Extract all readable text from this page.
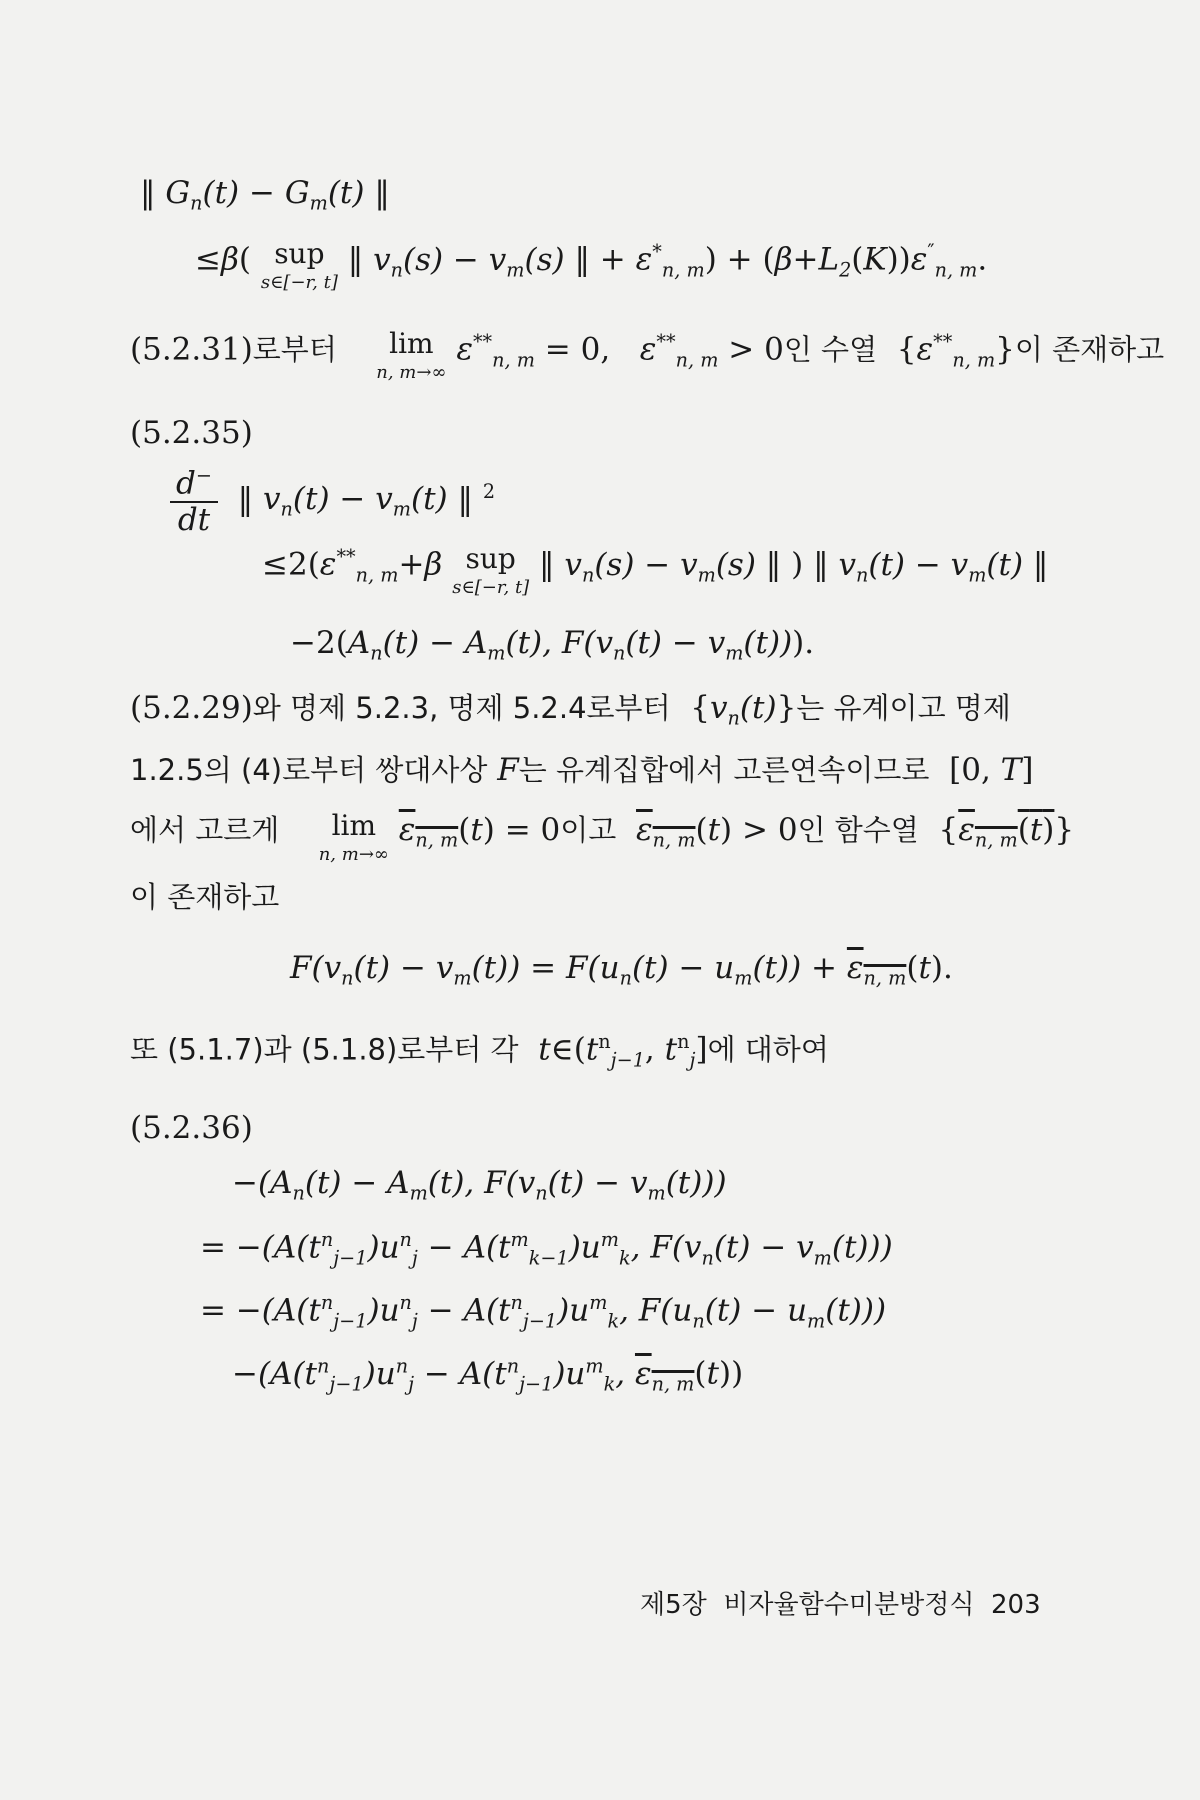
‖ $G_n(t) - G_m(t)$ ‖
≤β( sup
s∈[−r, t]
‖ $v_n(s) - v_m(s)$ ‖ + $\varepsilon^*_{n, m}) + (\beta+L_2(K))\varepsilon''_{n, m}$.
(5.2.31)로부터	lim
n, m→∞
$\varepsilon^{**}_{n, m} = 0$,   $\varepsilon^{**}_{n, m} > 0$인 수열  $\{\varepsilon^{**}_{n, m}\}$이 존재하고
(5.2.35)
$\frac{d^-}{dt}$ ‖ $v_n(t) - v_m(t)$ ‖ $^2$
$\le 2(\varepsilon^{**}_{n, m}+\beta$ sup
s∈[−r, t]
‖ $v_n(s) - v_m(s)$ ‖ ) ‖ $v_n(t) - v_m(t)$ ‖
$-2(A_n(t) - A_m(t)$, $F(v_n(t) - v_m(t))$).
(5.2.29)와 명제 5.2.3, 명제 5.2.4로부터  $\{v_n(t)\}$는 유계이고 명제
1.2.5의 (4)로부터 쌍대사상 F는 유계집합에서 고른연속이므로  [0, T]
에서 고르게	lim
n, m→∞
$\varepsilon_{n, m}(t) = 0$이고 $\varepsilon_{n, m}(t) > 0$인 함수열  $\{\varepsilon_{n, m}(t)\}$
이 존재하고
$F(v_n(t) - v_m(t)) = F(u_n(t) - u_m(t)) + \varepsilon_{n, m}(t)$.
또 (5.1.7)과 (5.1.8)로부터 각 $t\in(t^n_{j-1}$, $t^n_j$]에 대하여
(5.2.36)
$-(A_n(t) - A_m(t)$, $F(v_n(t) - v_m(t))$)
= $-(A(t^n_{j-1})u^n_j - A(t^m_{k-1})u^m_k$, $F(v_n(t) - v_m(t))$)
= $-(A(t^n_{j-1})u^n_j - A(t^n_{j-1})u^m_k$, $F(u_n(t) - u_m(t))$)
$-(A(t^n_{j-1})u^n_j - A(t^n_{j-1})u^m_k$, $\varepsilon_{n, m}(t)$)
제5장 비자율함수미분방정식 203
